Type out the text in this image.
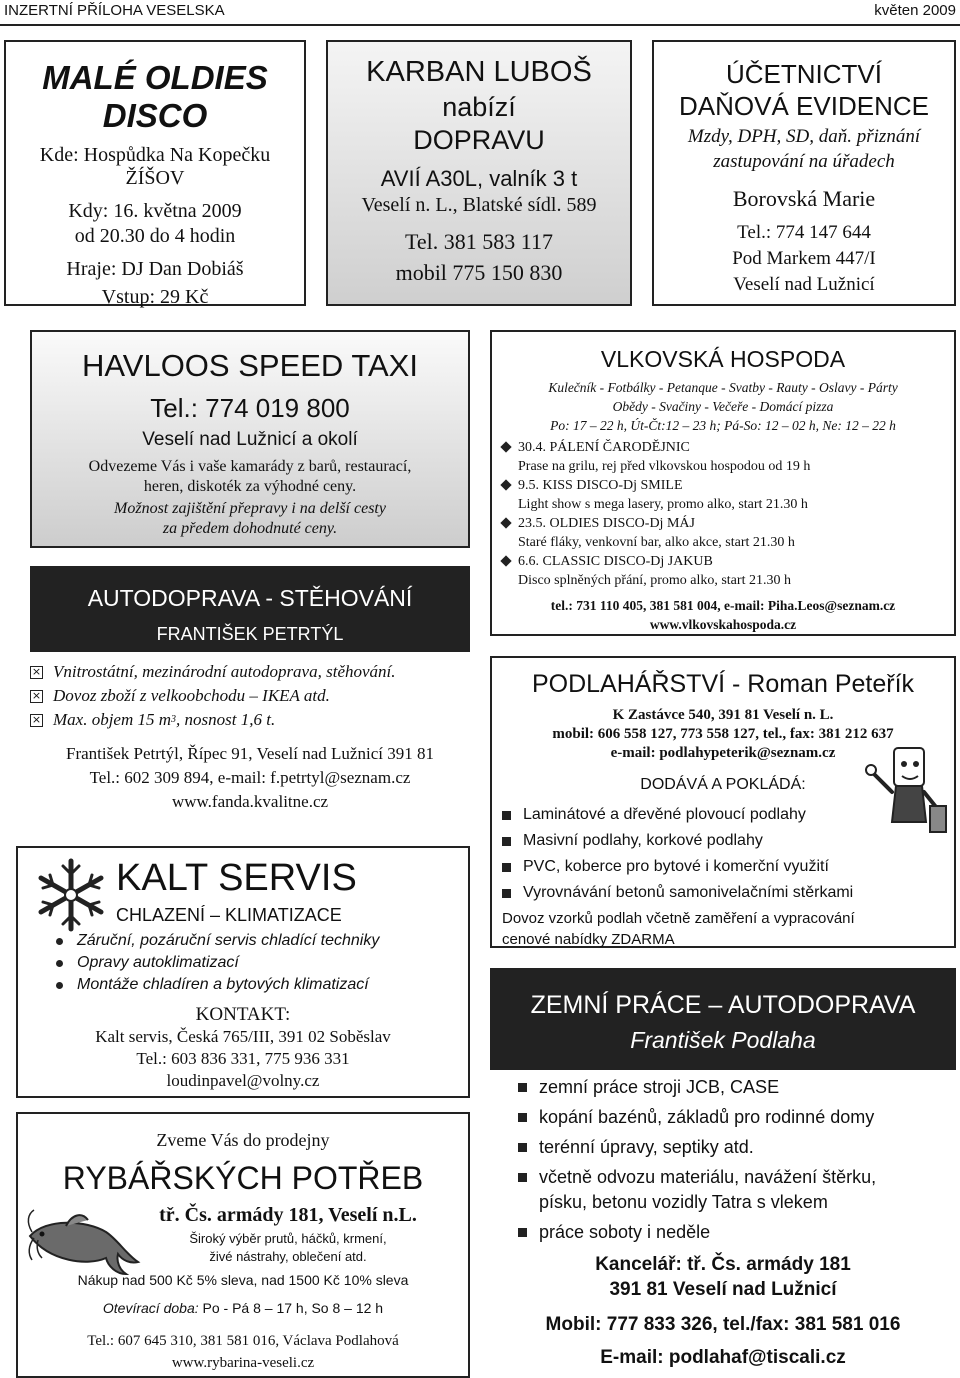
INZERTNÍ PŘÍLOHA VESELSKA	květen 2009
MALÉ OLDIES
DISCO
Kde: Hospůdka Na Kopečku
ŽÍŠOV
Kdy: 16. května 2009
od 20.30 do 4 hodin
Hraje: DJ Dan Dobiáš
Vstup: 29 Kč
KARBAN LUBOŠ
nabízí
DOPRAVU
AVIÍ A30L, valník 3 t
Veselí n. L., Blatské sídl. 589
Tel. 381 583 117
mobil 775 150 830
ÚČETNICTVÍ
DAŇOVÁ EVIDENCE
Mzdy, DPH, SD, daň. přiznání
zastupování na úřadech
Borovská Marie
Tel.: 774 147 644
Pod Markem 447/I
Veselí nad Lužnicí
HAVLOOS SPEED TAXI
Tel.: 774 019 800
Veselí nad Lužnicí a okolí
Odvezeme Vás i vaše kamarády z barů, restaurací,
heren, diskoték za výhodné ceny.
Možnost zajištění přepravy i na delší cesty
za předem dohodnuté ceny.
AUTODOPRAVA - STĚHOVÁNÍ
FRANTIŠEK PETRTÝL
× Vnitrostátní, mezinárodní autodoprava, stěhování.
× Dovoz zboží z velkoobchodu – IKEA atd.
× Max. objem 15 m 3 , nosnost 1,6 t.
František Petrtýl, Řípec 91, Veselí nad Lužnicí 391 81
Tel.: 602 309 894, e-mail: f.petrtyl@seznam.cz
www.fanda.kvalitne.cz
KALT SERVIS
CHLAZENÍ – KLIMATIZACE
Záruční, pozáruční servis chladící techniky
Opravy autoklimatizací
Montáže chladíren a bytových klimatizací
KONTAKT:
Kalt servis, Česká 765/III, 391 02 Soběslav
Tel.: 603 836 331, 775 936 331
loudinpavel@volny.cz
Zveme Vás do prodejny
RYBÁŘSKÝCH POTŘEB
tř. Čs. armády 181, Veselí n.L.
Široký výběr prutů, háčků, krmení,
živé nástrahy, oblečení atd.
Nákup nad 500 Kč 5% sleva, nad 1500 Kč 10% sleva
Otevírací doba: Po - Pá 8 – 17 h, So 8 – 12 h
Tel.: 607 645 310, 381 581 016, Václava Podlahová
www.rybarina-veseli.cz
VLKOVSKÁ HOSPODA
Kulečník - Fotbálky - Petanque - Svatby - Rauty - Oslavy - Párty
Obědy - Svačiny - Večeře - Domácí pizza
Po: 17 – 22 h, Út-Čt:12 – 23 h; Pá-So: 12 – 02 h, Ne: 12 – 22 h
30.4. PÁLENÍ ČARODĚJNIC
Prase na grilu, rej před vlkovskou hospodou od 19 h
9.5. KISS DISCO-Dj SMILE
Light show s mega lasery, promo alko, start 21.30 h
23.5. OLDIES DISCO-Dj MÁJ
Staré fláky, venkovní bar, alko akce, start 21.30 h
6.6. CLASSIC DISCO-Dj JAKUB
Disco splněných přání, promo alko, start 21.30 h
tel.: 731 110 405, 381 581 004, e-mail: Piha.Leos@seznam.cz
www.vlkovskahospoda.cz
PODLAHÁŘSTVÍ - Roman Peteřík
K Zastávce 540, 391 81 Veselí n. L.
mobil: 606 558 127, 773 558 127, tel., fax: 381 212 637
e-mail: podlahypeterik@seznam.cz
DODÁVÁ A POKLÁDÁ:
Laminátové a dřevěné plovoucí podlahy
Masivní podlahy, korkové podlahy
PVC, koberce pro bytové i komerční využití
Vyrovnávání betonů samonivelačními stěrkami
Dovoz vzorků podlah včetně zaměření a vypracování
cenové nabídky ZDARMA
ZEMNÍ PRÁCE – AUTODOPRAVA
František Podlaha
zemní práce stroji JCB, CASE
kopání bazénů, základů pro rodinné domy
terénní úpravy, septiky atd.
včetně odvozu materiálu, navážení štěrku,
písku, betonu vozidly Tatra s vlekem
práce soboty i neděle
Kancelář: tř. Čs. armády 181
391 81 Veselí nad Lužnicí
Mobil: 777 833 326, tel./fax: 381 581 016
E-mail: podlahaf@tiscali.cz
